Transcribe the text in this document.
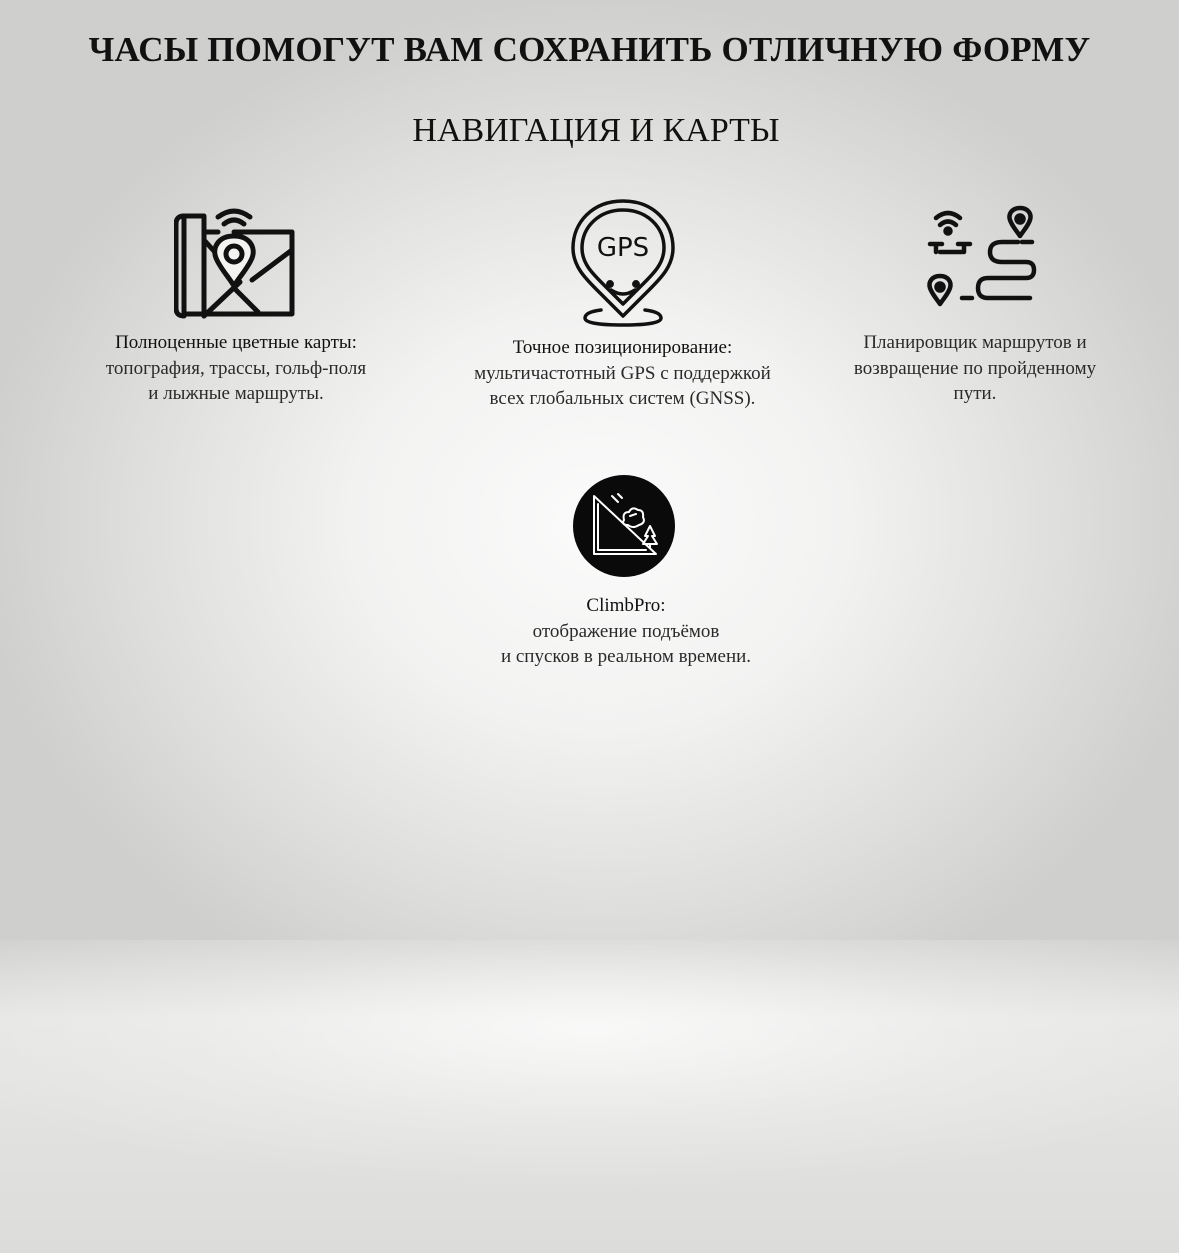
ЧАСЫ ПОМОГУТ ВАМ СОХРАНИТЬ ОТЛИЧНУЮ ФОРМУ
НАВИГАЦИЯ И КАРТЫ
Полноценные цветные карты:
топография, трассы, гольф-поля
и лыжные маршруты.
GPS
Точное позиционирование:
мультичастотный GPS с поддержкой
всех глобальных систем (GNSS).
Планировщик маршрутов и
возвращение по пройденному
пути.
ClimbPro:
отображение подъёмов
и спусков в реальном времени.
